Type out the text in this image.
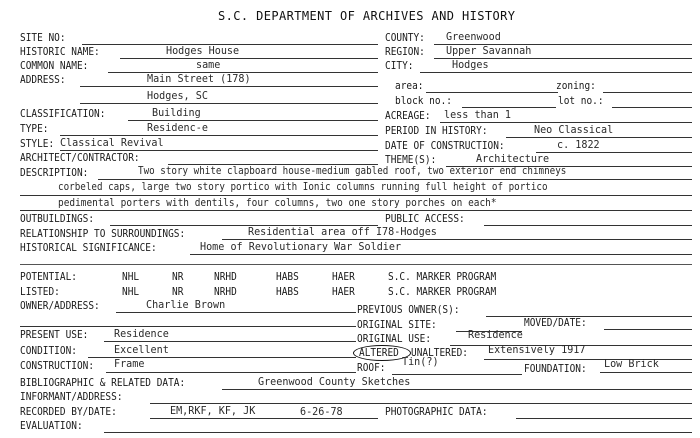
S.C. DEPARTMENT OF ARCHIVES AND HISTORY
SITE NO:
HISTORIC NAME:	Hodges House
COMMON NAME:	same
ADDRESS:	Main Street (178)
Hodges, SC
CLASSIFICATION:	Building
TYPE:	Residenc-e
STYLE: Classical Revival
ARCHITECT/CONTRACTOR:
COUNTY: Greenwood
REGION: Upper Savannah
CITY:	Hodges
area:	zoning:
block no.:	lot no.:
ACREAGE: less than 1
PERIOD IN HISTORY:	Neo Classical
DATE OF CONSTRUCTION:	c. 1822
THEME(S):	Architecture
DESCRIPTION:	Two story white clapboard house-medium gabled roof, two exterior end chimneys
corbeled caps, large two story portico with Ionic columns running full height of portico
pedimental porters with dentils, four columns, two one story porches on each*
OUTBUILDINGS:	PUBLIC ACCESS:
RELATIONSHIP TO SURROUNDINGS:	Residential area off I78-Hodges
HISTORICAL SIGNIFICANCE:	Home of Revolutionary War Soldier
POTENTIAL:	NHL	NR	NRHD	HABS	HAER	S.C. MARKER PROGRAM
LISTED:	NHL	NR	NRHD	HABS	HAER	S.C. MARKER PROGRAM
OWNER/ADDRESS:	Charlie Brown	PREVIOUS OWNER(S):
ORIGINAL SITE:	MOVED/DATE:
ORIGINAL USE:	Residence
PRESENT USE: Residence
CONDITION:	Excellent	ALTERED UNALTERED: Extensively 1917
CONSTRUCTION: Frame	ROOF: Tin(?)
FOUNDATION: Low Brick
BIBLIOGRAPHIC & RELATED DATA:	Greenwood County Sketches
INFORMANT/ADDRESS:
RECORDED BY/DATE:	EM,RKF, KF, JK	6-26-78	PHOTOGRAPHIC DATA:
EVALUATION:
